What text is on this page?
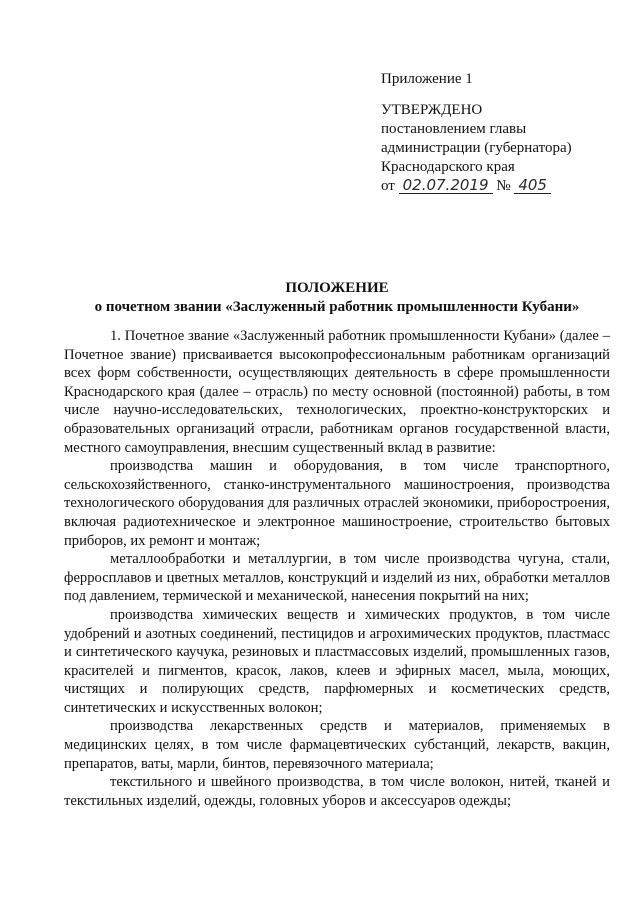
Приложение 1
УТВЕРЖДЕНО
постановлением главы
администрации (губернатора)
Краснодарского края
от 02.07.2019 № 405
ПОЛОЖЕНИЕ
о почетном звании «Заслуженный работник промышленности Кубани»

1. Почетное звание «Заслуженный работник промышленности Кубани» (далее – Почетное звание) присваивается высокопрофессиональным работникам организаций всех форм собственности, осуществляющих деятельность в сфере промышленности Краснодарского края (далее – отрасль) по месту основной (постоянной) работы, в том числе научно-исследовательских, технологических, проектно-конструкторских и образовательных организаций отрасли, работникам органов государственной власти, местного самоуправления, внесшим существенный вклад в развитие:

производства машин и оборудования, в том числе транспортного, сельскохозяйственного, станко-инструментального машиностроения, производства технологического оборудования для различных отраслей экономики, приборостроения, включая радиотехническое и электронное машиностроение, строительство бытовых приборов, их ремонт и монтаж;

металлообработки и металлургии, в том числе производства чугуна, стали, ферросплавов и цветных металлов, конструкций и изделий из них, обработки металлов под давлением, термической и механической, нанесения покрытий на них;

производства химических веществ и химических продуктов, в том числе удобрений и азотных соединений, пестицидов и агрохимических продуктов, пластмасс и синтетического каучука, резиновых и пластмассовых изделий, промышленных газов, красителей и пигментов, красок, лаков, клеев и эфирных масел, мыла, моющих, чистящих и полирующих средств, парфюмерных и косметических средств, синтетических и искусственных волокон;

производства лекарственных средств и материалов, применяемых в медицинских целях, в том числе фармацевтических субстанций, лекарств, вакцин, препаратов, ваты, марли, бинтов, перевязочного материала;

текстильного и швейного производства, в том числе волокон, нитей, тканей и текстильных изделий, одежды, головных уборов и аксессуаров одежды;
